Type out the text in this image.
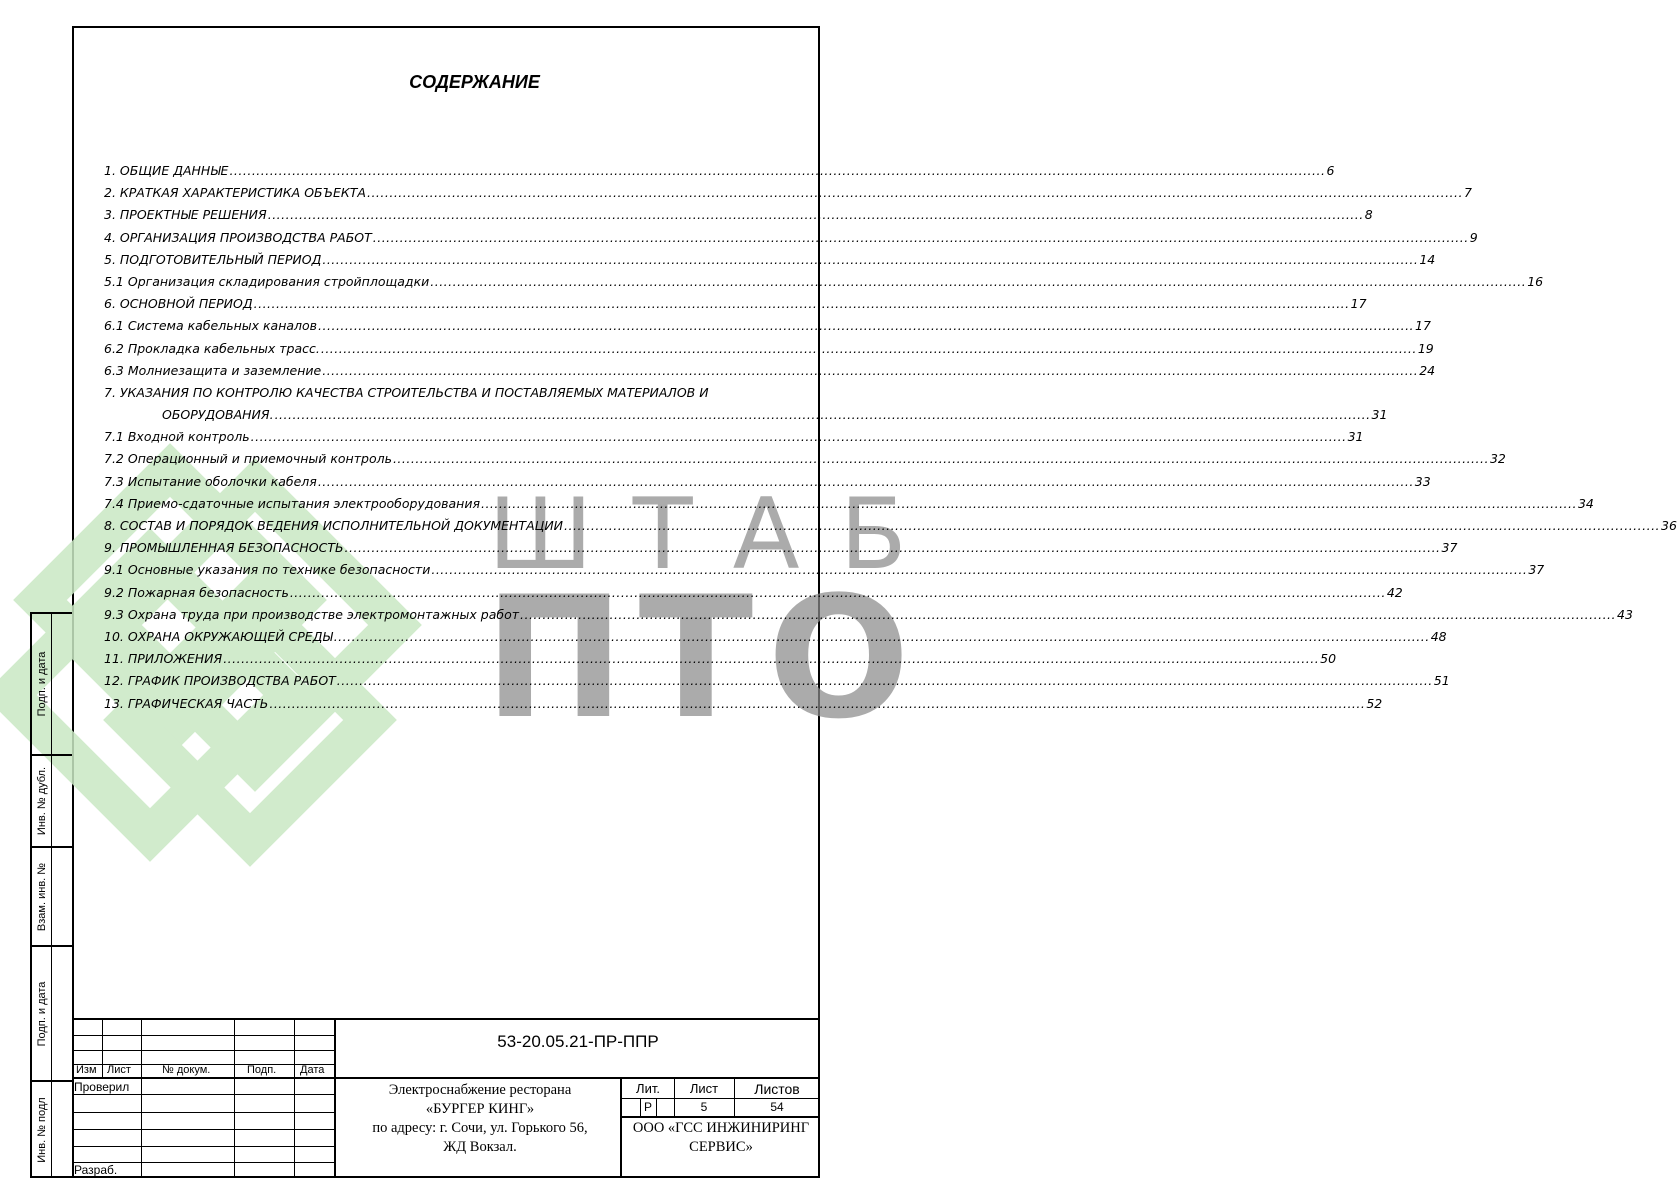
ШТАБ
ПТО
СОДЕРЖАНИЕ
1. ОБЩИЕ ДАННЫЕ .....	6
2. КРАТКАЯ ХАРАКТЕРИСТИКА ОБЪЕКТА .....	7
3. ПРОЕКТНЫЕ РЕШЕНИЯ .....	8
4. ОРГАНИЗАЦИЯ ПРОИЗВОДСТВА РАБОТ .....	9
5. ПОДГОТОВИТЕЛЬНЫЙ ПЕРИОД .....	14
5.1 Организация складирования стройплощадки .....	16
6. ОСНОВНОЙ ПЕРИОД .....	17
6.1 Система кабельных каналов .....	17
6.2 Прокладка кабельных трасс. .....	19
6.3 Молниезащита и заземление .....	24
7. УКАЗАНИЯ ПО КОНТРОЛЮ КАЧЕСТВА СТРОИТЕЛЬСТВА И ПОСТАВЛЯЕМЫХ МАТЕРИАЛОВ И
ОБОРУДОВАНИЯ. .....	31
7.1 Входной контроль .....	31
7.2 Операционный и приемочный контроль .....	32
7.3 Испытание оболочки кабеля .....	33
7.4 Приемо-сдаточные испытания электрооборудования .....	34
8. СОСТАВ И ПОРЯДОК ВЕДЕНИЯ ИСПОЛНИТЕЛЬНОЙ ДОКУМЕНТАЦИИ .....	36
9. ПРОМЫШЛЕННАЯ БЕЗОПАСНОСТЬ .....	37
9.1 Основные указания по технике безопасности .....	37
9.2 Пожарная безопасность .....	42
9.3 Охрана труда при производстве электромонтажных работ .....	43
10. ОХРАНА ОКРУЖАЮЩЕЙ СРЕДЫ .....	48
11. ПРИЛОЖЕНИЯ .....	50
12. ГРАФИК ПРОИЗВОДСТВА РАБОТ .....	51
13. ГРАФИЧЕСКАЯ ЧАСТЬ .....	52
Подп. и дата
Инв. № дубл.
Взам. инв. №
Подп. и дата
Инв. № подл
Изм Лист	№ докум.	Подп. Дата
Проверил
Разраб.
53-20.05.21-ПР-ППР
Электроснабжение ресторана
«БУРГЕР КИНГ»
по адресу: г. Сочи, ул. Горького 56,
ЖД Вокзал.
Лит.	Лист	Листов
Р	5	54
ООО «ГСС ИНЖИНИРИНГ
СЕРВИС»
